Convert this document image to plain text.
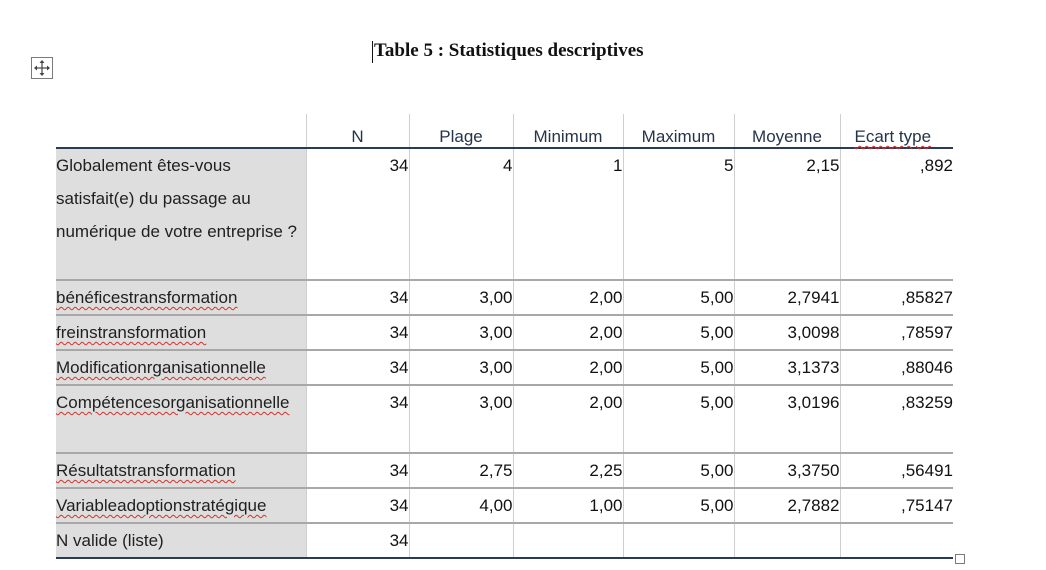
Table 5 : Statistiques descriptives
	N	Plage	Minimum	Maximum	Moyenne	Ecart type
Globalement êtes-vous satisfait(e) du passage au numérique de votre entreprise ?	34	4	1	5	2,15	,892
bénéficestransformation	34	3,00	2,00	5,00	2,7941	,85827
freinstransformation	34	3,00	2,00	5,00	3,0098	,78597
Modificationrganisationnelle	34	3,00	2,00	5,00	3,1373	,88046
Compétencesorganisationnelle	34	3,00	2,00	5,00	3,0196	,83259
Résultatstransformation	34	2,75	2,25	5,00	3,3750	,56491
Variableadoptionstratégique	34	4,00	1,00	5,00	2,7882	,75147
N valide (liste)	34					
